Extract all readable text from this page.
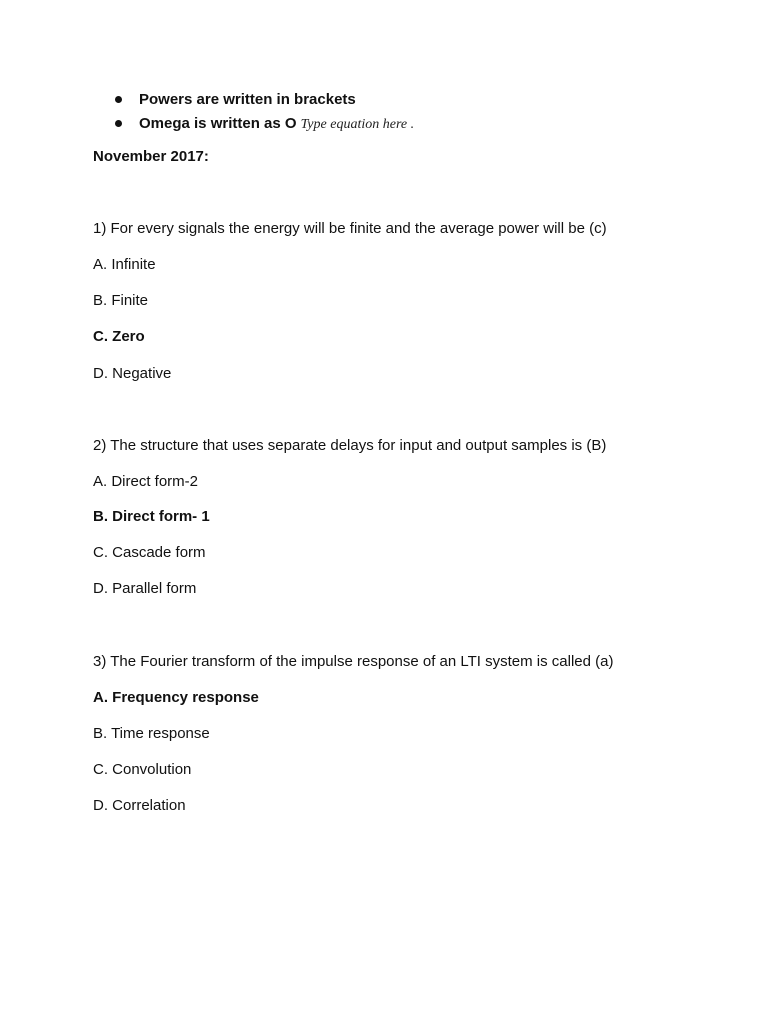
Powers are written in brackets
Omega is written as O Type equation here .
November 2017:
1) For every signals the energy will be finite and the average power will be (c)
A. Infinite
B. Finite
C. Zero
D. Negative
2) The structure that uses separate delays for input and output samples is (B)
A. Direct form-2
B. Direct form- 1
C. Cascade form
D. Parallel form
3) The Fourier transform of the impulse response of an LTI system is called (a)
A. Frequency response
B. Time response
C. Convolution
D. Correlation
